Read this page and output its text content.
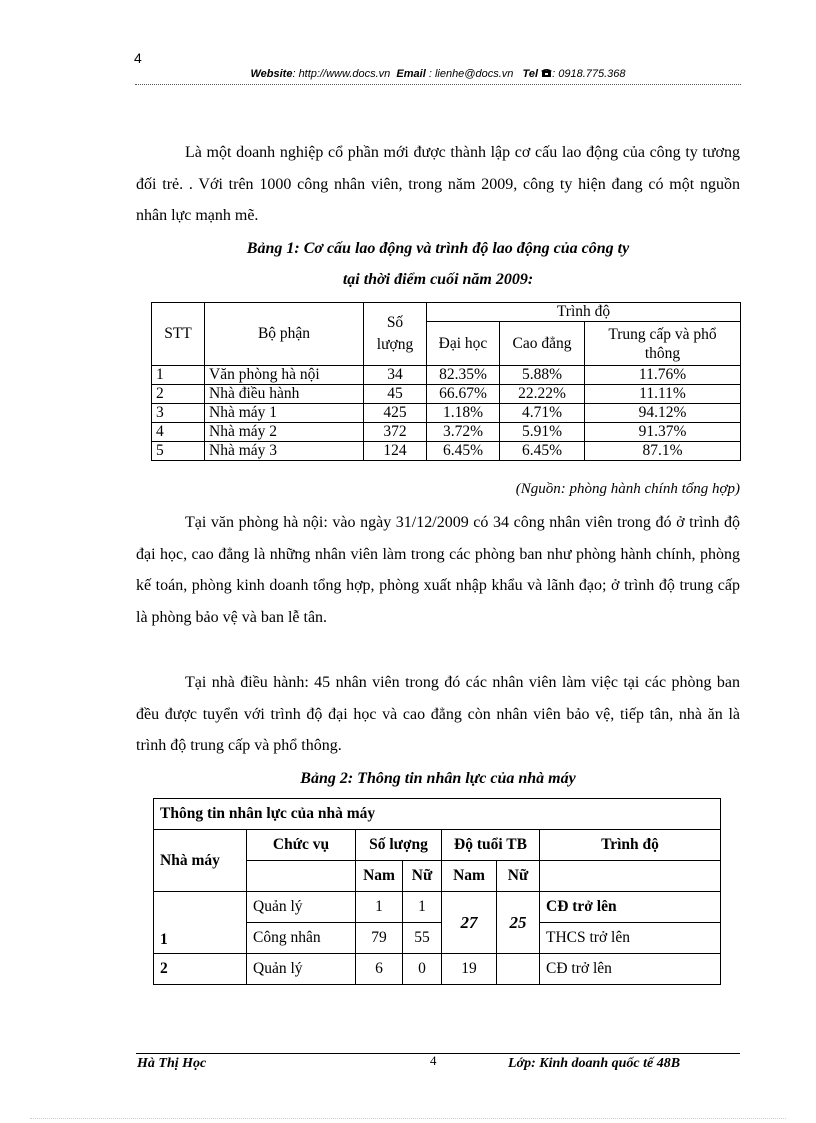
4
Website: http://www.docs.vn Email : lienhe@docs.vn Tel : 0918.775.368
Là một doanh nghiệp cổ phần mới được thành lập cơ cấu lao động của công ty tương đối trẻ. . Với trên 1000 công nhân viên, trong năm 2009, công ty hiện đang có một nguồn nhân lực mạnh mẽ.
Bảng 1: Cơ cấu lao động và trình độ lao động của công ty
tại thời điểm cuối năm 2009:
STT	Bộ phận	Số lượng	Trình độ		
			Đại học	Cao đẳng	Trung cấp và phổ thông
1	Văn phòng hà nội	34	82.35%	5.88%	11.76%
2	Nhà điều hành	45	66.67%	22.22%	11.11%
3	Nhà máy 1	425	1.18%	4.71%	94.12%
4	Nhà máy 2	372	3.72%	5.91%	91.37%
5	Nhà máy 3	124	6.45%	6.45%	87.1%
(Nguồn: phòng hành chính tổng hợp)
Tại văn phòng hà nội: vào ngày 31/12/2009 có 34 công nhân viên trong đó ở trình độ đại học, cao đẳng là những nhân viên làm trong các phòng ban như phòng hành chính, phòng kế toán, phòng kinh doanh tổng hợp, phòng xuất nhập khẩu và lãnh đạo; ở trình độ trung cấp là phòng bảo vệ và ban lễ tân.
Tại nhà điều hành: 45 nhân viên trong đó các nhân viên làm việc tại các phòng ban đều được tuyển với trình độ đại học và cao đẳng còn nhân viên bảo vệ, tiếp tân, nhà ăn là trình độ trung cấp và phổ thông.
Bảng 2: Thông tin nhân lực của nhà máy
Thông tin nhân lực của nhà máy						
Nhà máy	Chức vụ	Số lượng		Độ tuổi TB		Trình độ
		Nam	Nữ	Nam	Nữ	
1	Quản lý	1	1	27	25	CĐ trở lên
	Công nhân	79	55			THCS trở lên
2	Quản lý	6	0	19		CĐ trở lên
Hà Thị Học	4	Lớp: Kinh doanh quốc tế 48B
